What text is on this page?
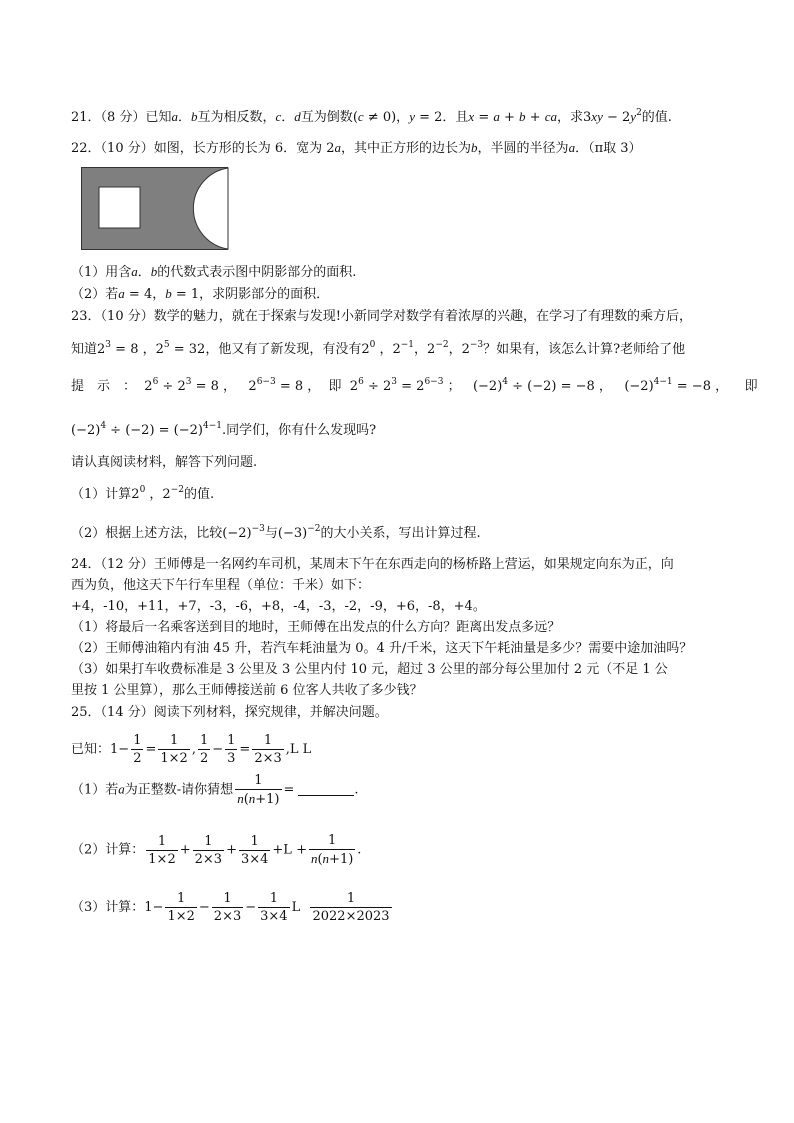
21．（8 分）已知a．b互为相反数，c．d互为倒数(c ≠ 0)，y = 2．且x = a + b + ca，求$3xy - 2y^2$的值.
22．（10 分）如图，长方形的长为 6．宽为 2a，其中正方形的边长为b，半圆的半径为a．（π取 3）
（1）用含a．b的代数式表示图中阴影部分的面积.
（2）若a = 4，b = 1，求阴影部分的面积．
23．（10 分）数学的魅力，就在于探索与发现!小新同学对数学有着浓厚的兴趣，在学习了有理数的乘方后，
知道$2^3 = 8$ ，$2^5 = 32$，他又有了新发现，有没有$2^0$ ，$2^{-1}$，$2^{-2}$，$2^{-3}$？如果有，该怎么计算?老师给了他
提　示　：  $2^6 \div 2^3 = 8$ ，   $2^{6-3} = 8$ ，  即  $2^6 \div 2^3 = 2^{6-3}$ ；   $(-2)^4 \div (-2) = -8$ ，   $(-2)^{4-1} = -8$ ，    即
$(-2)^4 \div (-2) = (-2)^{4-1}$.同学们，你有什么发现吗?
请认真阅读材料，解答下列问题.
（1）计算$2^0$ ，$2^{-2}$的值.
（2）根据上述方法，比较$(-2)^{-3}$与$(-3)^{-2}$的大小关系，写出计算过程.
24．（12 分）王师傅是一名网约车司机，某周末下午在东西走向的杨桥路上营运，如果规定向东为正，向
西为负，他这天下午行车里程（单位：千米）如下：
+4，-10，+11，+7，-3，-6，+8，-4，-3，-2，-9，+6，-8，+4。
（1）将最后一名乘客送到目的地时，王师傅在出发点的什么方向？距离出发点多远？
（2）王师傅油箱内有油 45 升，若汽车耗油量为 0。4 升/千米，这天下午耗油量是多少？需要中途加油吗？
（3）如果打车收费标准是 3 公里及 3 公里内付 10 元，超过 3 公里的部分每公里加付 2 元（不足 1 公
里按 1 公里算），那么王师傅接送前 6 位客人共收了多少钱？
25．（14 分）阅读下列材料，探究规律，并解决问题。
已知：$1- \frac{1}{2} = \frac{1}{1\times 2}$ , $\frac{1}{2} - \frac{1}{3} = \frac{1}{2\times 3} ,L$ L
（1）若a为正整数-请你猜想 $\frac{1}{n(n+1)}$ =	.
（2）计算： $\frac{1}{1\times 2} + \frac{1}{2\times 3} + \frac{1}{3\times 4} +L + \frac{1}{n(n+1)}$ .
（3）计算：$1- \frac{1}{1\times 2} - \frac{1}{2\times 3} - \frac{1}{3\times 4}$ L $\frac{1}{2022\times 2023}$
